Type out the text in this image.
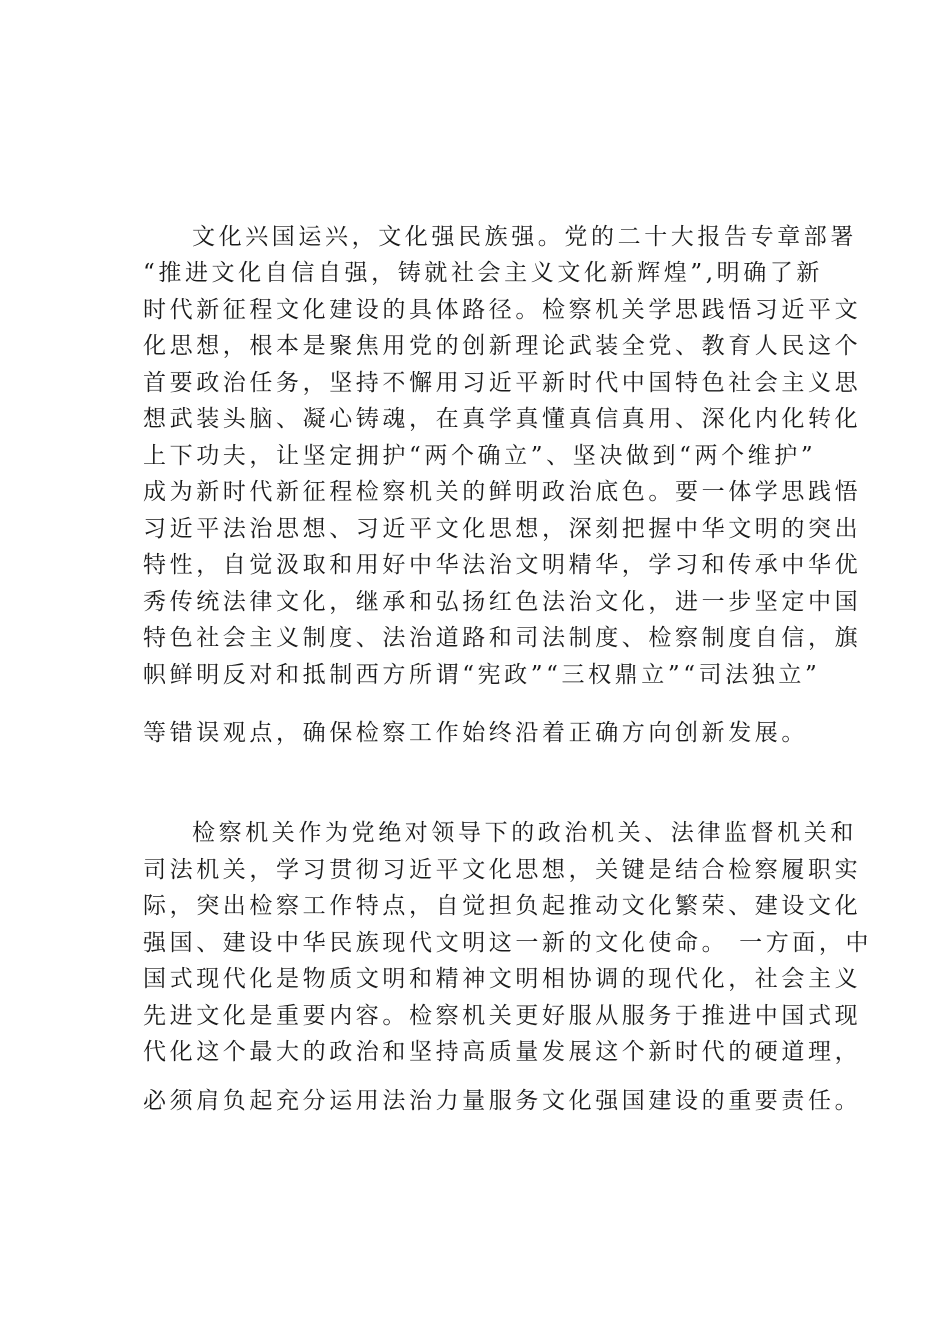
文化兴国运兴，文化强民族强。党的二十大报告专章部署

“推进文化自信自强，铸就社会主义文化新辉煌”,明确了新

时代新征程文化建设的具体路径。检察机关学思践悟习近平文

化思想，根本是聚焦用党的创新理论武装全党、教育人民这个

首要政治任务，坚持不懈用习近平新时代中国特色社会主义思

想武装头脑、凝心铸魂，在真学真懂真信真用、深化内化转化

上下功夫，让坚定拥护“两个确立”、坚决做到“两个维护”

成为新时代新征程检察机关的鲜明政治底色。要一体学思践悟

习近平法治思想、习近平文化思想，深刻把握中华文明的突出

特性，自觉汲取和用好中华法治文明精华，学习和传承中华优

秀传统法律文化，继承和弘扬红色法治文化，进一步坚定中国

特色社会主义制度、法治道路和司法制度、检察制度自信，旗

帜鲜明反对和抵制西方所谓“宪政”“三权鼎立”“司法独立”

等错误观点，确保检察工作始终沿着正确方向创新发展。

检察机关作为党绝对领导下的政治机关、法律监督机关和

司法机关，学习贯彻习近平文化思想，关键是结合检察履职实

际，突出检察工作特点，自觉担负起推动文化繁荣、建设文化

强国、建设中华民族现代文明这一新的文化使命。 一方面，中

国式现代化是物质文明和精神文明相协调的现代化，社会主义

先进文化是重要内容。检察机关更好服从服务于推进中国式现

代化这个最大的政治和坚持高质量发展这个新时代的硬道理，

必须肩负起充分运用法治力量服务文化强国建设的重要责任。
